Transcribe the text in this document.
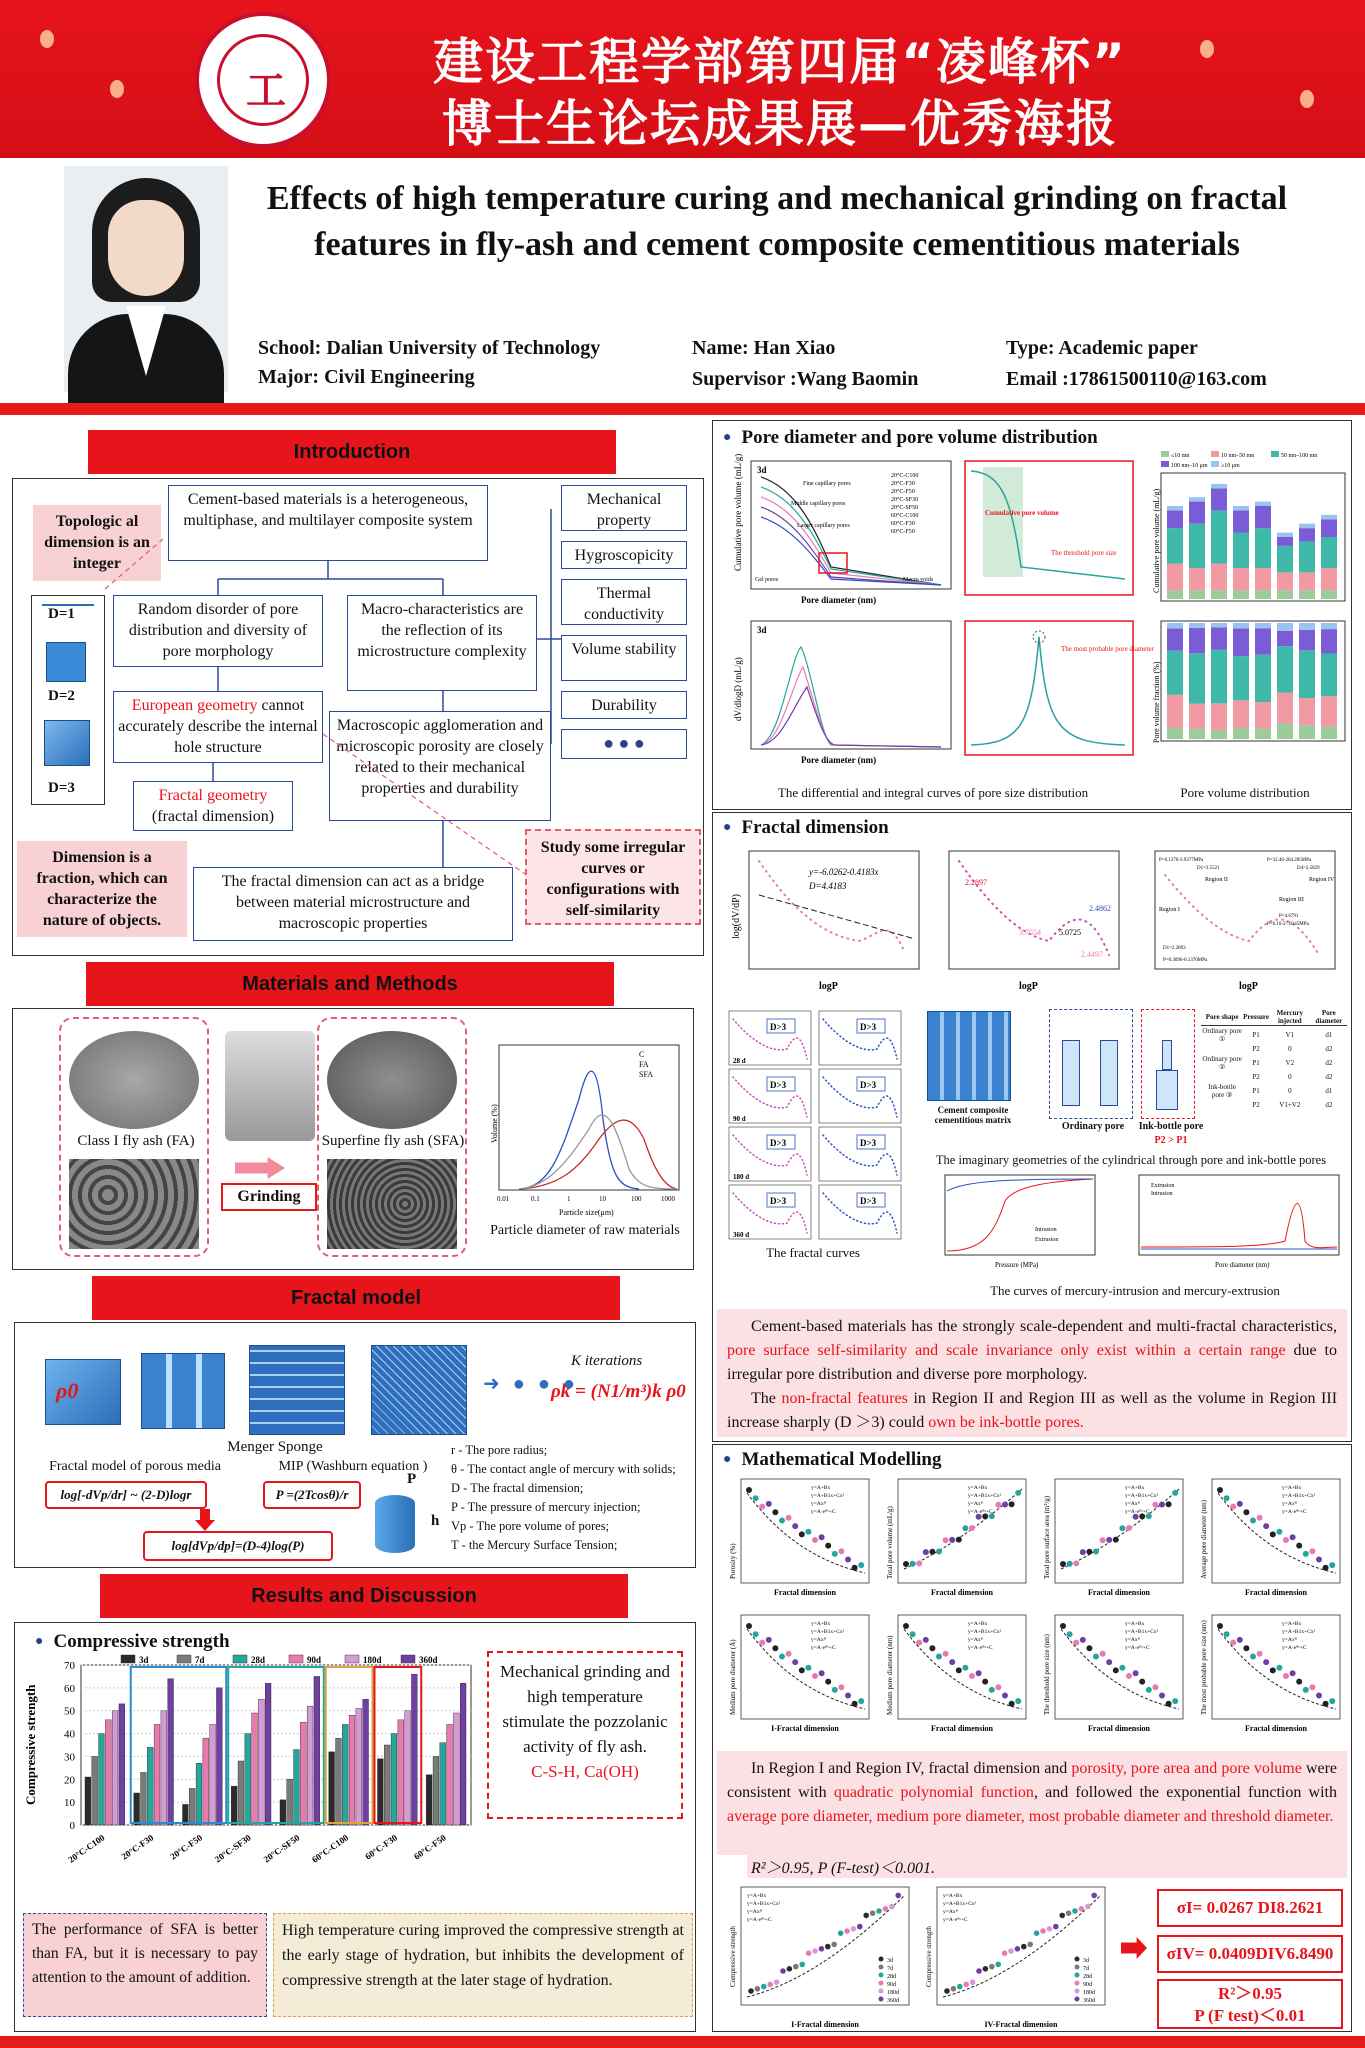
工	建设工程学部第四届“凌峰杯”
博士生论坛成果展—优秀海报
Effects of high temperature curing and mechanical grinding on fractal features in fly-ash and cement composite cementitious materials
School: Dalian University of Technology
Major: Civil Engineering
Name: Han Xiao
Supervisor :Wang Baomin
Type: Academic paper
Email :17861500110@163.com
Introduction
Cement-based materials is a heterogeneous, multiphase, and multilayer composite system
Topologic al dimension is an integer
D=1
D=2
D=3
Random disorder of pore distribution and diversity of pore morphology
European geometry cannot accurately describe the internal hole structure
Fractal geometry
(fractal dimension)
Dimension is a fraction, which can characterize the nature of objects.
Macro-characteristics are the reflection of its microstructure complexity
Macroscopic agglomeration and microscopic porosity are closely related to their mechanical properties and durability
Study some irregular curves or configurations with self-similarity
The fractal dimension can act as a bridge between material microstructure and macroscopic properties
Mechanical property
Hygroscopicity
Thermal conductivity
Volume stability
Durability
● ● ●
Materials and Methods
Class I fly ash (FA)
Grinding
Superfine fly ash (SFA)
C
FA
SFA
Particle size(μm)
Volume (%)
0.01	0.1	1	10	100	1000
Particle diameter of raw materials
Fractal model
ρ0	➜ ● ● ●
K iterations
ρk = (N1/m³)k ρ0
Menger Sponge
Fractal model of porous media	MIP (Washburn equation )
log[-dVp/dr] ~ (2-D)logr	P =(2Tcosθ)/r
log[dVp/dp]=(D-4)log(P)
P
h
r - The pore radius;
θ - The contact angle of mercury with solids;
D - The fractal dimension;
P - The pressure of mercury injection;
Vp - The pore volume of pores;
T - the Mercury Surface Tension;
Results and Discussion
● Compressive strength
0
10
20
30
40
50
60
70
Compressive strength
20°C-C100 20°C-F30 20°C-F50 20°C-SF30 20°C-SF50 60°C-C100 60°C-F30 60°C-F50
3d	7d	28d	90d	180d	360d
Mechanical grinding and high temperature stimulate the pozzolanic activity of fly ash.
C-S-H, Ca(OH)
The performance of SFA is better than FA, but it is necessary to pay attention to the amount of addition.
High temperature curing improved the compressive strength at the early stage of hydration, but inhibits the development of compressive strength at the later stage of hydration.
● Pore diameter and pore volume distribution
Cumulative pore volume (mL/g)
Pore diameter (nm)
3d
Fine capillary pores
Middle capillary pores
Larger capillary pores
Gel pores	Macro voids
20°C-C100
20°C-F30
20°C-F50
20°C-SF30
20°C-SF50
60°C-C100
60°C-F30
60°C-F50
Cumulative pore volume
The threshold pore size
dV/dlogD (mL/g)
Pore diameter (nm)
3d
The most probable pore diameter
The differential and integral curves of pore size distribution
≤10 nm	10 nm–50 nm	50 nm–100 nm
100 nm–10 μm ≥10 μm
Cumulative pore volume (mL/g)
Pore volume fraction (%)
Pore volume distribution
● Fractal dimension
log(dV/dP)
logP
y=-6.0262-0.4183x
D=4.4183
logP
2.2897
3.7554 5.0725
2.4862
2.4497
logP
Region I
Region II
Region III
Region IV
P=0.1370-3.9377MPa
D1=3.5521
P=32.46-204.285MPa
D4=2.5829
P=4.6791
P=6.10-27.8145MPa
D1=2.2893
P=0.3090-0.1370MPa
D>3	D>3
D>3	D>3
D>3	D>3
D>3	D>3
28 d
90 d
180 d
360 d
The fractal curves
Cement composite cementitious matrix
Ordinary pore	Ink-bottle pore
P2 > P1
Pore shape	Pressure	Mercury injected	Pore diameter
Ordinary pore ①	P1	V1	d1
	P2	0	d2
Ordinary pore ②	P1	V2	d2
	P2	0	d2
Ink-bottle pore ③	P1	0	d1
	P2	V1+V2	d2
The imaginary geometries of the cylindrical through pore and ink-bottle pores
Pressure (MPa)
Intrusion
Extrusion
Pore diameter (nm)
Extrusion
Intrusion
The curves of mercury-intrusion and mercury-extrusion
Cement-based materials has the strongly scale-dependent and multi-fractal characteristics, pore surface self-similarity and scale invariance only exist within a certain range due to irregular pore distribution and diverse pore morphology.
The non-fractal features in Region II and Region III as well as the volume in Region III increase sharply (D ＞3) could own be ink-bottle pores.
● Mathematical Modelling
Porosity (%)
Fractal dimension
y=A+Bx
y=A+B1x+Cx²
y=Axᴮ
y=A·eᴮˣ+C	Total pore volume (mL/g)
Fractal dimension
y=A+Bx
y=A+B1x+Cx²
y=Axᴮ
y=A·eᴮˣ+C	Total pore surface area (m²/g)
Fractal dimension
y=A+Bx
y=A+B1x+Cx²
y=Axᴮ
y=A·eᴮˣ+C	Average pore diameter (nm)
Fractal dimension
y=A+Bx
y=A+B1x+Cx²
y=Axᴮ
y=A·eᴮˣ+C
Medium pore diameter (Å)
I-Fractal dimension
y=A+Bx
y=A+B1x+Cx²
y=Axᴮ
y=A·eᴮˣ+C	Medium pore diameter (nm)
Fractal dimension
y=A+Bx
y=A+B1x+Cx²
y=Axᴮ
y=A·eᴮˣ+C	The threshold pore size (nm)
Fractal dimension
y=A+Bx
y=A+B1x+Cx²
y=Axᴮ
y=A·eᴮˣ+C	The most probable pore size (nm)
Fractal dimension
y=A+Bx
y=A+B1x+Cx²
y=Axᴮ
y=A·eᴮˣ+C
In Region I and Region IV, fractal dimension and porosity, pore area and pore volume were consistent with quadratic polynomial function, and followed the exponential function with average pore diameter, medium pore diameter, most probable diameter and threshold diameter.
R²＞0.95, P (F-test)＜0.001.
y=A+Bx
y=A+B1x+Cx²
y=Axᴮ
y=A·eᴮˣ+C
3d
7d
28d
90d
180d
360d
Compressive strength
I-Fractal dimension
y=A+Bx
y=A+B1x+Cx²
y=Axᴮ
y=A·eᴮˣ+C
3d
7d
28d
90d
180d
360d
Compressive strength
IV-Fractal dimension
σI= 0.0267 DI8.2621
σIV= 0.0409DIV6.8490
R²＞0.95
P (F test)＜0.01
